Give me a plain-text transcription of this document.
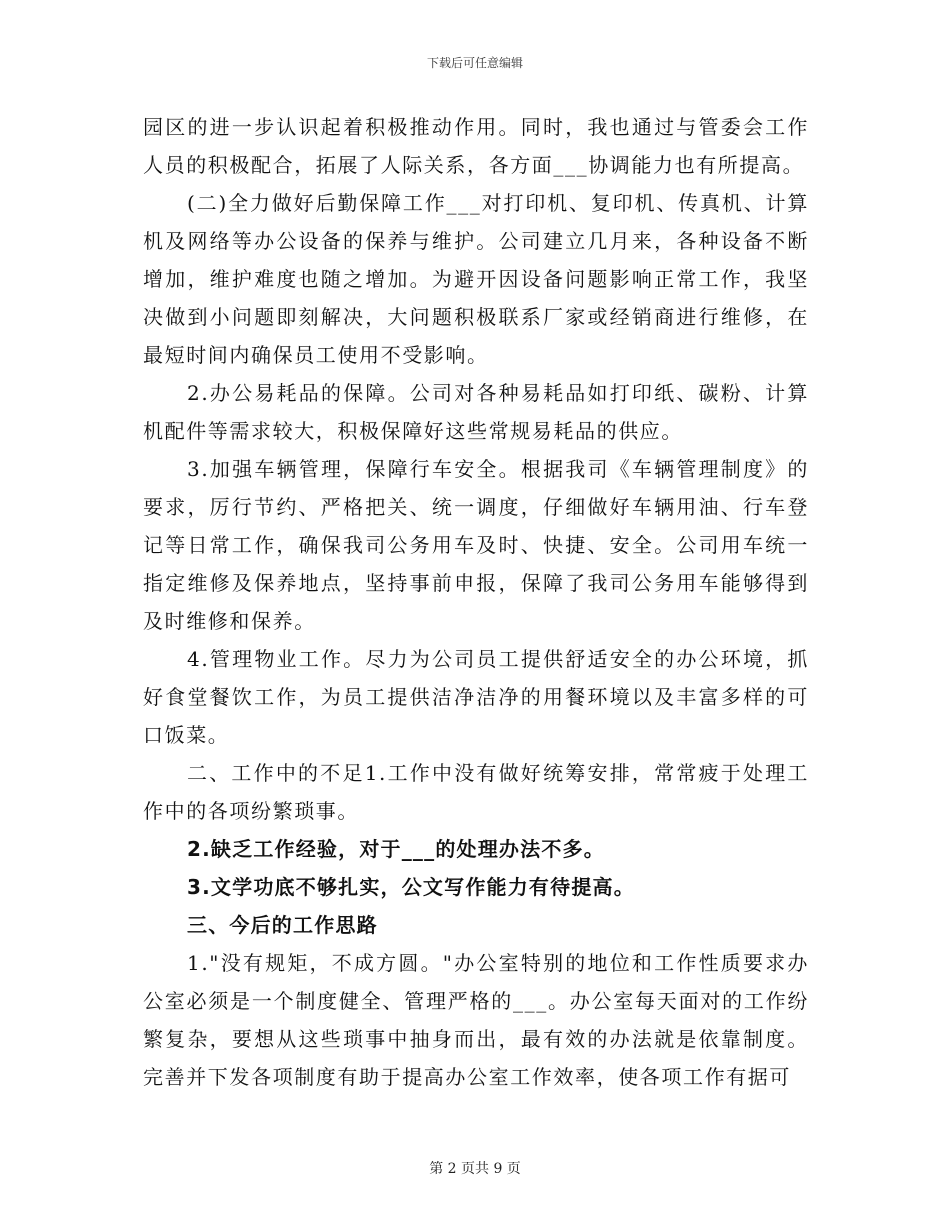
下载后可任意编辑

园区的进一步认识起着积极推动作用。同时，我也通过与管委会工作人员的积极配合，拓展了人际关系，各方面___协调能力也有所提高。

(二)全力做好后勤保障工作___对打印机、复印机、传真机、计算机及网络等办公设备的保养与维护。公司建立几月来，各种设备不断增加，维护难度也随之增加。为避开因设备问题影响正常工作，我坚决做到小问题即刻解决，大问题积极联系厂家或经销商进行维修，在最短时间内确保员工使用不受影响。

2.办公易耗品的保障。公司对各种易耗品如打印纸、碳粉、计算机配件等需求较大，积极保障好这些常规易耗品的供应。

3.加强车辆管理，保障行车安全。根据我司《车辆管理制度》的要求，厉行节约、严格把关、统一调度，仔细做好车辆用油、行车登记等日常工作，确保我司公务用车及时、快捷、安全。公司用车统一指定维修及保养地点，坚持事前申报，保障了我司公务用车能够得到及时维修和保养。

4.管理物业工作。尽力为公司员工提供舒适安全的办公环境，抓好食堂餐饮工作，为员工提供洁净洁净的用餐环境以及丰富多样的可口饭菜。

二、工作中的不足1.工作中没有做好统筹安排，常常疲于处理工作中的各项纷繁琐事。

2.缺乏工作经验，对于___的处理办法不多。

3.文学功底不够扎实，公文写作能力有待提高。

三、今后的工作思路

1."没有规矩，不成方圆。"办公室特别的地位和工作性质要求办公室必须是一个制度健全、管理严格的___。办公室每天面对的工作纷繁复杂，要想从这些琐事中抽身而出，最有效的办法就是依靠制度。完善并下发各项制度有助于提高办公室工作效率，使各项工作有据可

第 2 页共 9 页
